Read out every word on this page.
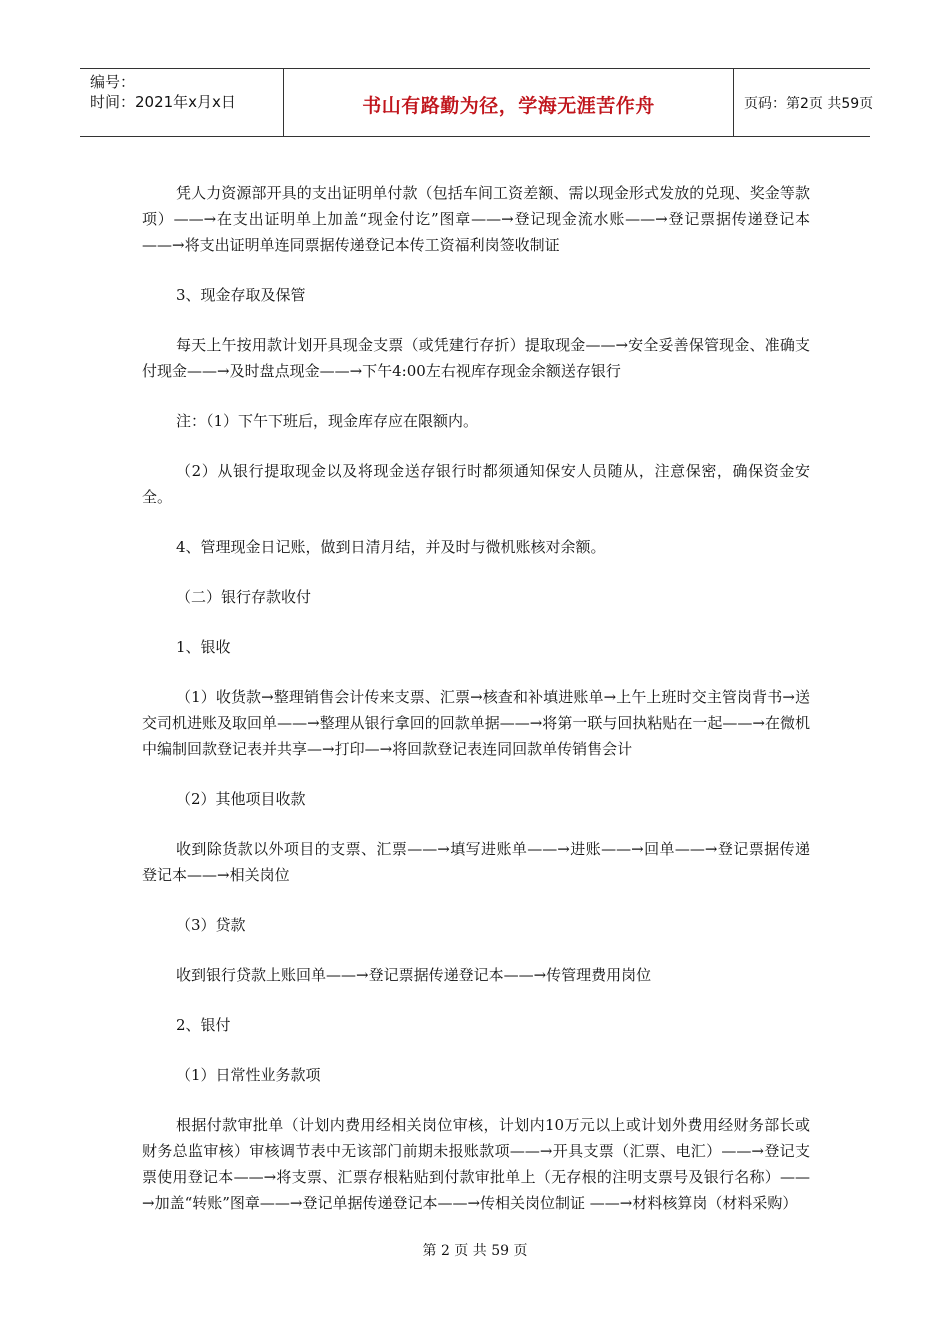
编号：
时间：2021年x月x日	书山有路勤为径，学海无涯苦作舟	页码：第2页 共59页

凭人力资源部开具的支出证明单付款（包括车间工资差额、需以现金形式发放的兑现、奖金等款项）——→在支出证明单上加盖“现金付讫”图章——→登记现金流水账——→登记票据传递登记本——→将支出证明单连同票据传递登记本传工资福利岗签收制证

3、现金存取及保管

每天上午按用款计划开具现金支票（或凭建行存折）提取现金——→安全妥善保管现金、准确支付现金——→及时盘点现金——→下午4:00左右视库存现金余额送存银行

注：（1）下午下班后，现金库存应在限额内。

（2）从银行提取现金以及将现金送存银行时都须通知保安人员随从，注意保密，确保资金安全。

4、管理现金日记账，做到日清月结，并及时与微机账核对余额。

（二）银行存款收付

1、银收

（1）收货款→整理销售会计传来支票、汇票→核查和补填进账单→上午上班时交主管岗背书→送交司机进账及取回单——→整理从银行拿回的回款单据——→将第一联与回执粘贴在一起——→在微机中编制回款登记表并共享—→打印—→将回款登记表连同回款单传销售会计

（2）其他项目收款

收到除货款以外项目的支票、汇票——→填写进账单——→进账——→回单——→登记票据传递登记本——→相关岗位

（3）贷款

收到银行贷款上账回单——→登记票据传递登记本——→传管理费用岗位

2、银付

（1）日常性业务款项

根据付款审批单（计划内费用经相关岗位审核，计划内10万元以上或计划外费用经财务部长或财务总监审核）审核调节表中无该部门前期未报账款项——→开具支票（汇票、电汇）——→登记支票使用登记本——→将支票、汇票存根粘贴到付款审批单上（无存根的注明支票号及银行名称）——→加盖“转账”图章——→登记单据传递登记本——→传相关岗位制证 ——→材料核算岗（材料采购）

第 2 页 共 59 页
